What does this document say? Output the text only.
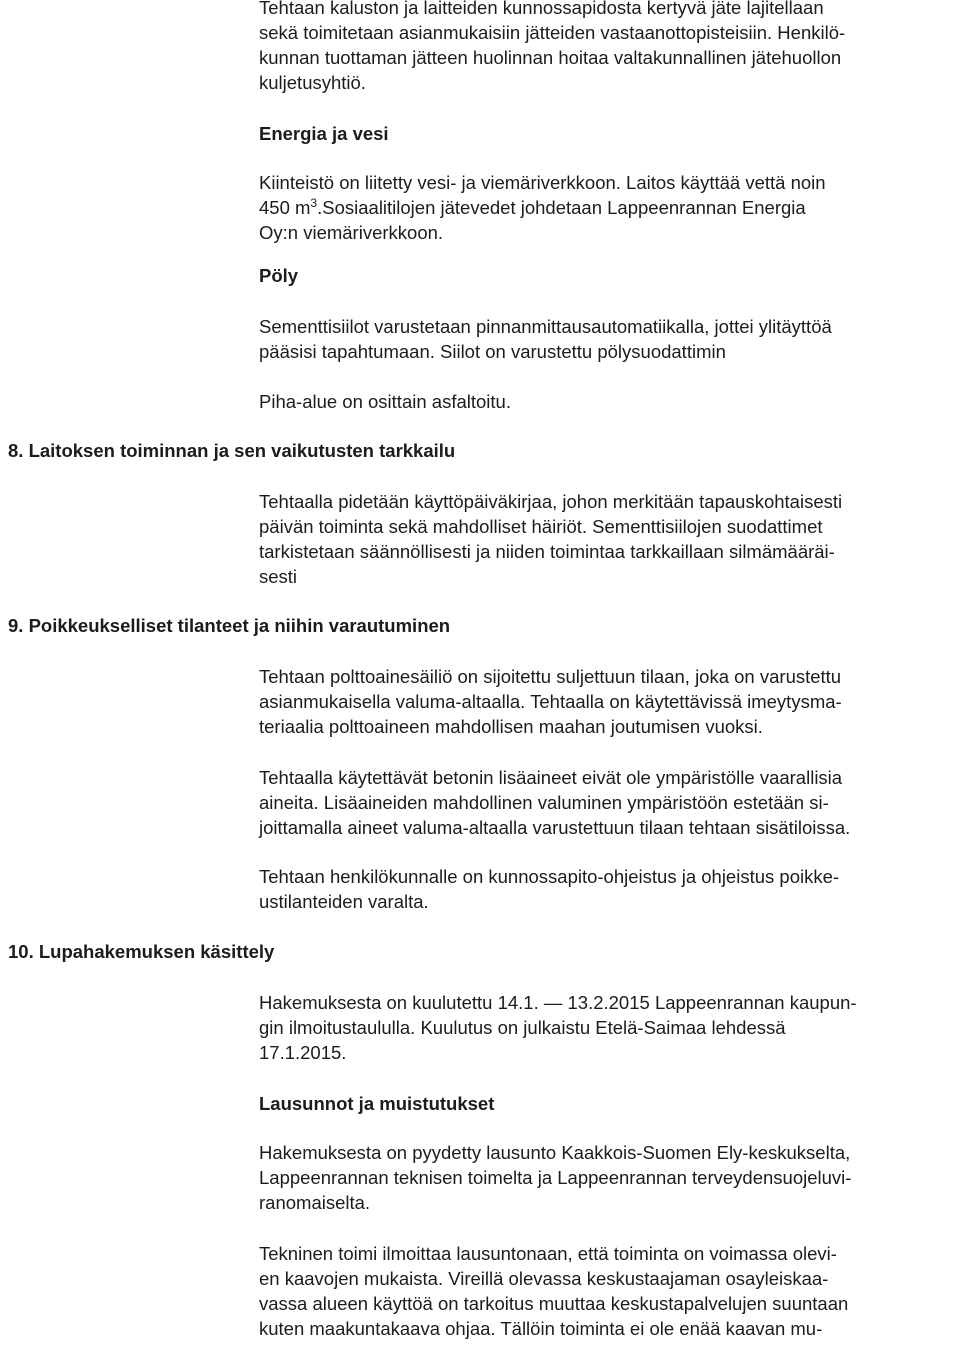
Tehtaan kaluston ja laitteiden kunnossapidosta kertyvä jäte lajitellaan

sekä toimitetaan asianmukaisiin jätteiden vastaanottopisteisiin. Henkilö-

kunnan tuottaman jätteen huolinnan hoitaa valtakunnallinen jätehuollon

kuljetusyhtiö.

Energia ja vesi

Kiinteistö on liitetty vesi- ja viemäriverkkoon. Laitos käyttää vettä noin

450 $m^3.Sosiaalitilojen$ jätevedet johdetaan Lappeenrannan Energia

Oy:n viemäriverkkoon.

Pöly

Sementtisiilot varustetaan pinnanmittausautomatiikalla, jottei ylitäyttöä

pääsisi tapahtumaan. Siilot on varustettu pölysuodattimin

Piha-alue on osittain asfaltoitu.

8. Laitoksen toiminnan ja sen vaikutusten tarkkailu

Tehtaalla pidetään käyttöpäiväkirjaa, johon merkitään tapauskohtaisesti

päivän toiminta sekä mahdolliset häiriöt. Sementtisiilojen suodattimet

tarkistetaan säännöllisesti ja niiden toimintaa tarkkaillaan silmämääräi-

sesti

9. Poikkeukselliset tilanteet ja niihin varautuminen

Tehtaan polttoainesäiliö on sijoitettu suljettuun tilaan, joka on varustettu

asianmukaisella valuma-altaalla. Tehtaalla on käytettävissä imeytysma-

teriaalia polttoaineen mahdollisen maahan joutumisen vuoksi.

Tehtaalla käytettävät betonin lisäaineet eivät ole ympäristölle vaarallisia

aineita. Lisäaineiden mahdollinen valuminen ympäristöön estetään si-

joittamalla aineet valuma-altaalla varustettuun tilaan tehtaan sisätiloissa.

Tehtaan henkilökunnalle on kunnossapito-ohjeistus ja ohjeistus poikke-

ustilanteiden varalta.

10. Lupahakemuksen käsittely

Hakemuksesta on kuulutettu 14.1. — 13.2.2015 Lappeenrannan kaupun-

gin ilmoitustaululla. Kuulutus on julkaistu Etelä-Saimaa lehdessä

17.1.2015.

Lausunnot ja muistutukset

Hakemuksesta on pyydetty lausunto Kaakkois-Suomen Ely-keskukselta,

Lappeenrannan teknisen toimelta ja Lappeenrannan terveydensuojeluvi-

ranomaiselta.

Tekninen toimi ilmoittaa lausuntonaan, että toiminta on voimassa olevi-

en kaavojen mukaista. Vireillä olevassa keskustaajaman osayleiskaa-

vassa alueen käyttöä on tarkoitus muuttaa keskustapalvelujen suuntaan

kuten maakuntakaava ohjaa. Tällöin toiminta ei ole enää kaavan mu-
